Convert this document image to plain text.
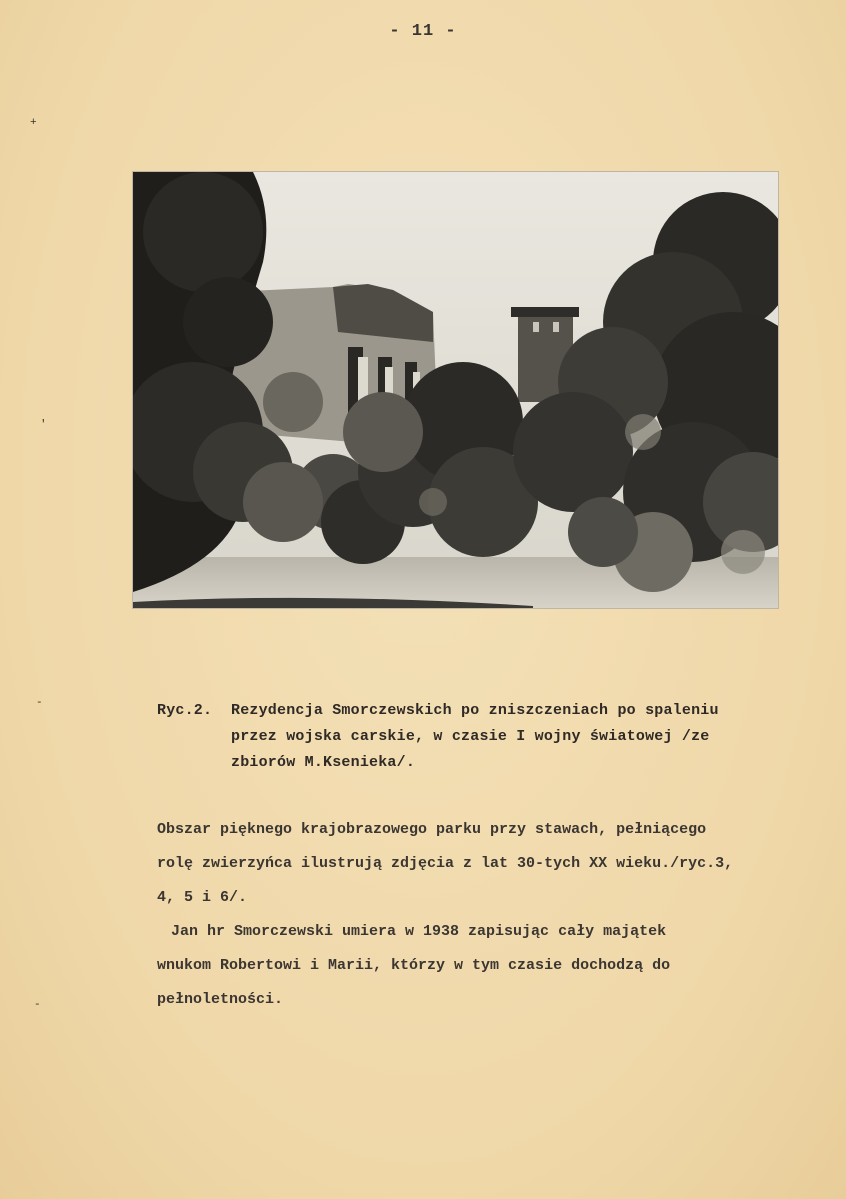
- 11 -
+
'
-
-
Ryc.2. Rezydencja Smorczewskich po zniszczeniach po spaleniu
przez wojska carskie, w czasie I wojny światowej /ze
zbiorów M.Ksenieka/.
Obszar pięknego krajobrazowego parku przy stawach, pełniącego
rolę zwierzyńca ilustrują zdjęcia z lat 30-tych XX wieku./ryc.3,
4, 5 i 6/.
Jan hr Smorczewski umiera w 1938 zapisując cały majątek
wnukom Robertowi i Marii, którzy w tym czasie dochodzą do
pełnoletności.
